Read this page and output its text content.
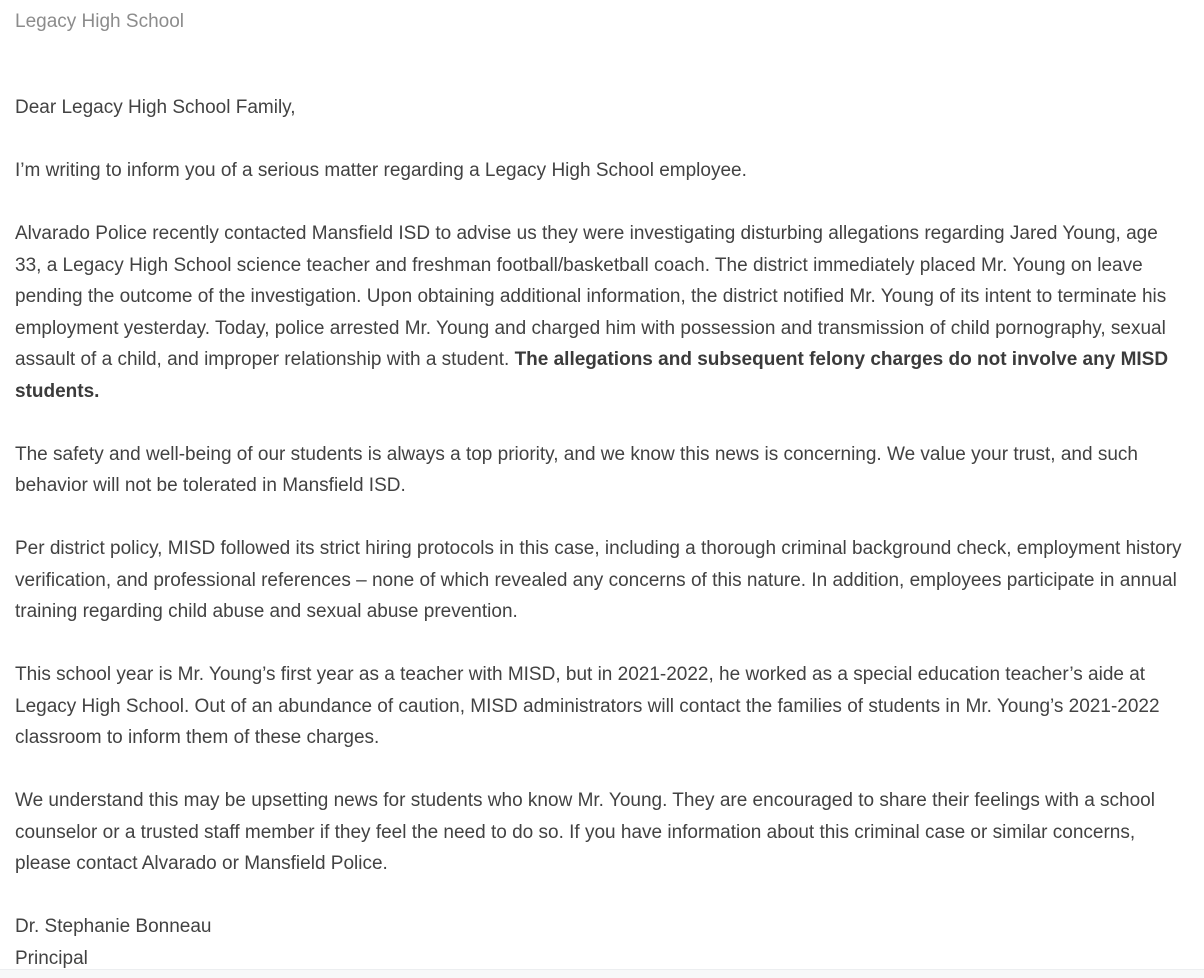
Legacy High School

Dear Legacy High School Family,

I’m writing to inform you of a serious matter regarding a Legacy High School employee.

Alvarado Police recently contacted Mansfield ISD to advise us they were investigating disturbing allegations regarding Jared Young, age 33, a Legacy High School science teacher and freshman football/basketball coach. The district immediately placed Mr. Young on leave pending the outcome of the investigation. Upon obtaining additional information, the district notified Mr. Young of its intent to terminate his employment yesterday. Today, police arrested Mr. Young and charged him with possession and transmission of child pornography, sexual assault of a child, and improper relationship with a student. The allegations and subsequent felony charges do not involve any MISD students.

The safety and well-being of our students is always a top priority, and we know this news is concerning. We value your trust, and such behavior will not be tolerated in Mansfield ISD.

Per district policy, MISD followed its strict hiring protocols in this case, including a thorough criminal background check, employment history verification, and professional references – none of which revealed any concerns of this nature. In addition, employees participate in annual training regarding child abuse and sexual abuse prevention.

This school year is Mr. Young’s first year as a teacher with MISD, but in 2021-2022, he worked as a special education teacher’s aide at Legacy High School. Out of an abundance of caution, MISD administrators will contact the families of students in Mr. Young’s 2021-2022 classroom to inform them of these charges.

We understand this may be upsetting news for students who know Mr. Young. They are encouraged to share their feelings with a school counselor or a trusted staff member if they feel the need to do so. If you have information about this criminal case or similar concerns, please contact Alvarado or Mansfield Police.

Dr. Stephanie Bonneau
Principal
